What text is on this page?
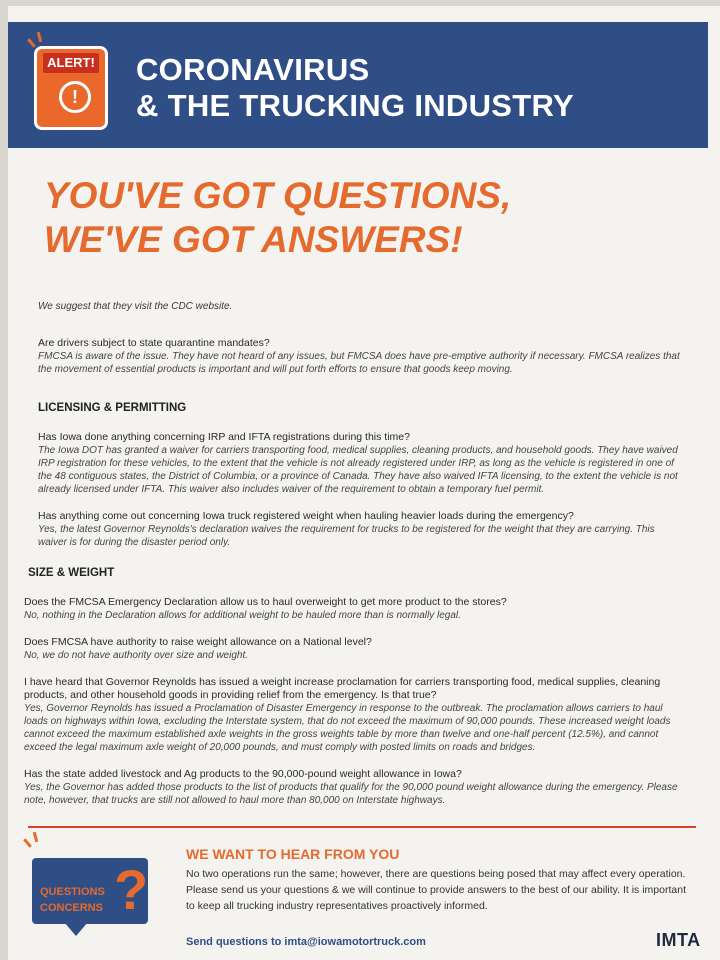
ALERT!
!
CORONAVIRUS
& THE TRUCKING INDUSTRY
YOU'VE GOT QUESTIONS,
WE'VE GOT ANSWERS!

We suggest that they visit the CDC website.

Are drivers subject to state quarantine mandates?

FMCSA is aware of the issue. They have not heard of any issues, but FMCSA does have pre-emptive authority if necessary. FMCSA realizes that the movement of essential products is important and will put forth efforts to ensure that goods keep moving.

LICENSING & PERMITTING

Has Iowa done anything concerning IRP and IFTA registrations during this time?

The Iowa DOT has granted a waiver for carriers transporting food, medical supplies, cleaning products, and household goods. They have waived IRP registration for these vehicles, to the extent that the vehicle is not already registered under IRP, as long as the vehicle is registered in one of the 48 contiguous states, the District of Columbia, or a province of Canada. They have also waived IFTA licensing, to the extent the vehicle is not already licensed under IFTA. This waiver also includes waiver of the requirement to obtain a temporary fuel permit.

Has anything come out concerning Iowa truck registered weight when hauling heavier loads during the emergency?

Yes, the latest Governor Reynolds's declaration waives the requirement for trucks to be registered for the weight that they are carrying. This waiver is for during the disaster period only.

SIZE & WEIGHT

Does the FMCSA Emergency Declaration allow us to haul overweight to get more product to the stores?

No, nothing in the Declaration allows for additional weight to be hauled more than is normally legal.

Does FMCSA have authority to raise weight allowance on a National level?

No, we do not have authority over size and weight.

I have heard that Governor Reynolds has issued a weight increase proclamation for carriers transporting food, medical supplies, cleaning products, and other household goods in providing relief from the emergency. Is that true?

Yes, Governor Reynolds has issued a Proclamation of Disaster Emergency in response to the outbreak. The proclamation allows carriers to haul loads on highways within Iowa, excluding the Interstate system, that do not exceed the maximum of 90,000 pounds. These increased weight loads cannot exceed the maximum established axle weights in the gross weights table by more than twelve and one-half percent (12.5%), and cannot exceed the legal maximum axle weight of 20,000 pounds, and must comply with posted limits on roads and bridges.

Has the state added livestock and Ag products to the 90,000-pound weight allowance in Iowa?

Yes, the Governor has added those products to the list of products that qualify for the 90,000 pound weight allowance during the emergency. Please note, however, that trucks are still not allowed to haul more than 80,000 on Interstate highways.

QUESTIONS
CONCERNS ?
WE WANT TO HEAR FROM YOU
No two operations run the same; however, there are questions being posed that may affect every operation. Please send us your questions & we will continue to provide answers to the best of our ability. It is important to keep all trucking industry representatives proactively informed.
Send questions to imta@iowamotortruck.com	IMTA
